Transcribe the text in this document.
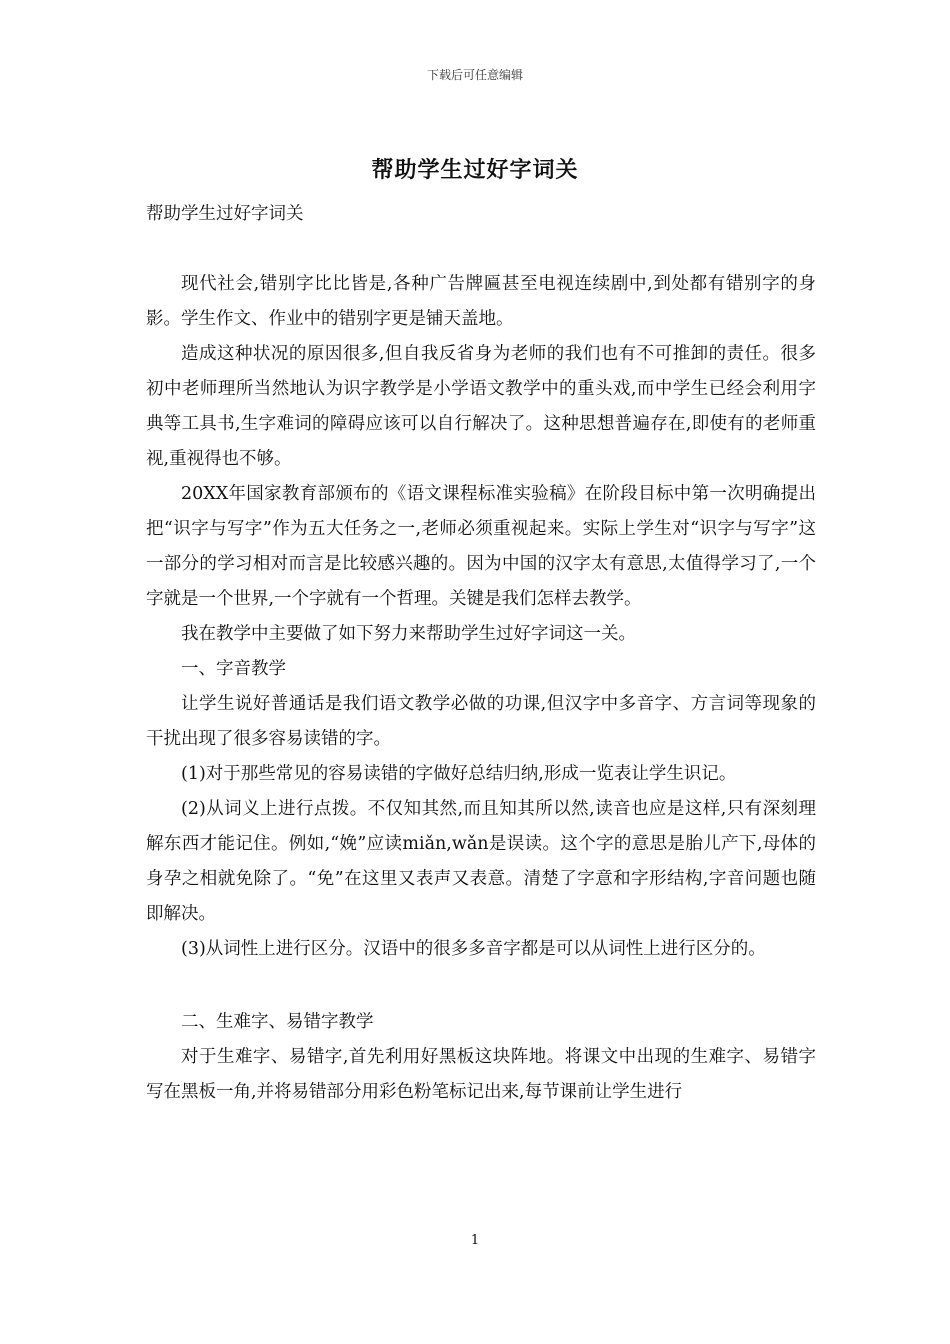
下载后可任意编辑
帮助学生过好字词关

帮助学生过好字词关

现代社会,错别字比比皆是,各种广告牌匾甚至电视连续剧中,到处都有错别字的身影。学生作文、作业中的错别字更是铺天盖地。

造成这种状况的原因很多,但自我反省身为老师的我们也有不可推卸的责任。很多初中老师理所当然地认为识字教学是小学语文教学中的重头戏,而中学生已经会利用字典等工具书,生字难词的障碍应该可以自行解决了。这种思想普遍存在,即使有的老师重视,重视得也不够。

20XX年国家教育部颁布的《语文课程标准实验稿》在阶段目标中第一次明确提出把“识字与写字”作为五大任务之一,老师必须重视起来。实际上学生对“识字与写字”这一部分的学习相对而言是比较感兴趣的。因为中国的汉字太有意思,太值得学习了,一个字就是一个世界,一个字就有一个哲理。关键是我们怎样去教学。

我在教学中主要做了如下努力来帮助学生过好字词这一关。

一、字音教学

让学生说好普通话是我们语文教学必做的功课,但汉字中多音字、方言词等现象的干扰出现了很多容易读错的字。

(1)对于那些常见的容易读错的字做好总结归纳,形成一览表让学生识记。

(2)从词义上进行点拨。不仅知其然,而且知其所以然,读音也应是这样,只有深刻理解东西才能记住。例如,“娩”应读miǎn,wǎn是误读。这个字的意思是胎儿产下,母体的身孕之相就免除了。“免”在这里又表声又表意。清楚了字意和字形结构,字音问题也随即解决。

(3)从词性上进行区分。汉语中的很多多音字都是可以从词性上进行区分的。

二、生难字、易错字教学

对于生难字、易错字,首先利用好黑板这块阵地。将课文中出现的生难字、易错字写在黑板一角,并将易错部分用彩色粉笔标记出来,每节课前让学生进行

1
